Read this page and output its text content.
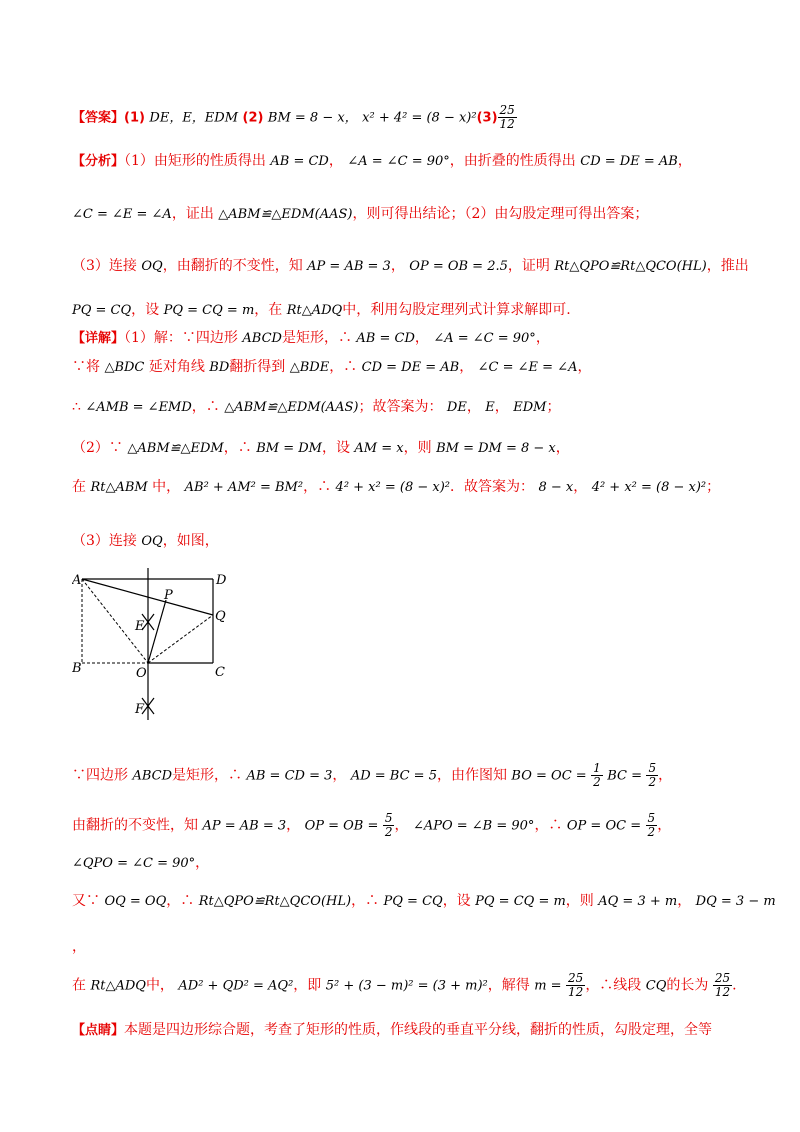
【答案】(1) DE，E，EDM (2) BM = 8 − x， $x^2 + 4^2 = (8 - x)^2(3) \frac{25}{12}$
【分析】（1）由矩形的性质得出 AB = CD， ∠A = ∠C = 90°，由折叠的性质得出 CD = DE = AB，
∠C = ∠E = ∠A，证出 △ABM≌△EDM(AAS)，则可得出结论；（2）由勾股定理可得出答案；
（3）连接 OQ，由翻折的不变性，知 AP = AB = 3， OP = OB = 2.5，证明 Rt△QPO≌Rt△QCO(HL)，推出
PQ = CQ，设 PQ = CQ = m，在 Rt△ADQ中，利用勾股定理列式计算求解即可.
【详解】（1）解：∵四边形 ABCD是矩形，∴ AB = CD， ∠A = ∠C = 90°，
∵将 △BDC 延对角线 BD翻折得到 △BDE，∴ CD = DE = AB， ∠C = ∠E = ∠A，
∴ ∠AMB = ∠EMD，∴ △ABM≌△EDM(AAS)；故答案为： DE， E， EDM；
（2）∵ △ABM≌△EDM，∴ BM = DM，设 AM = x，则 BM = DM = 8 − x，
在 Rt△ABM 中， AB² + AM² = BM²，∴ 4² + x² = (8 − x)²．故答案为： 8 − x， 4² + x² = (8 − x)²；
（3）连接 OQ，如图，
A	D
B	C
O
P
Q
E
F
∵四边形 ABCD是矩形，∴ AB = CD = 3， AD = BC = 5，由作图知 BO = OC = $\frac{1}{2}$ BC = $\frac{5}{2}$ ，
由翻折的不变性，知 AP = AB = 3， OP = OB = $\frac{5}{2}$ ， ∠APO = ∠B = 90°，∴ OP = OC = $\frac{5}{2}$ ，
∠QPO = ∠C = 90°，
又∵ OQ = OQ，∴ Rt△QPO≌Rt△QCO(HL)，∴ PQ = CQ，设 PQ = CQ = m，则 AQ = 3 + m， DQ = 3 − m
，
在 Rt△ADQ中， AD² + QD² = AQ²，即 5² + (3 − m)² = (3 + m)²，解得 $m = \frac{25}{12}$ ，∴线段 CQ的长为 $\frac{25}{12}$ .
【点睛】本题是四边形综合题，考查了矩形的性质，作线段的垂直平分线，翻折的性质，勾股定理，全等
